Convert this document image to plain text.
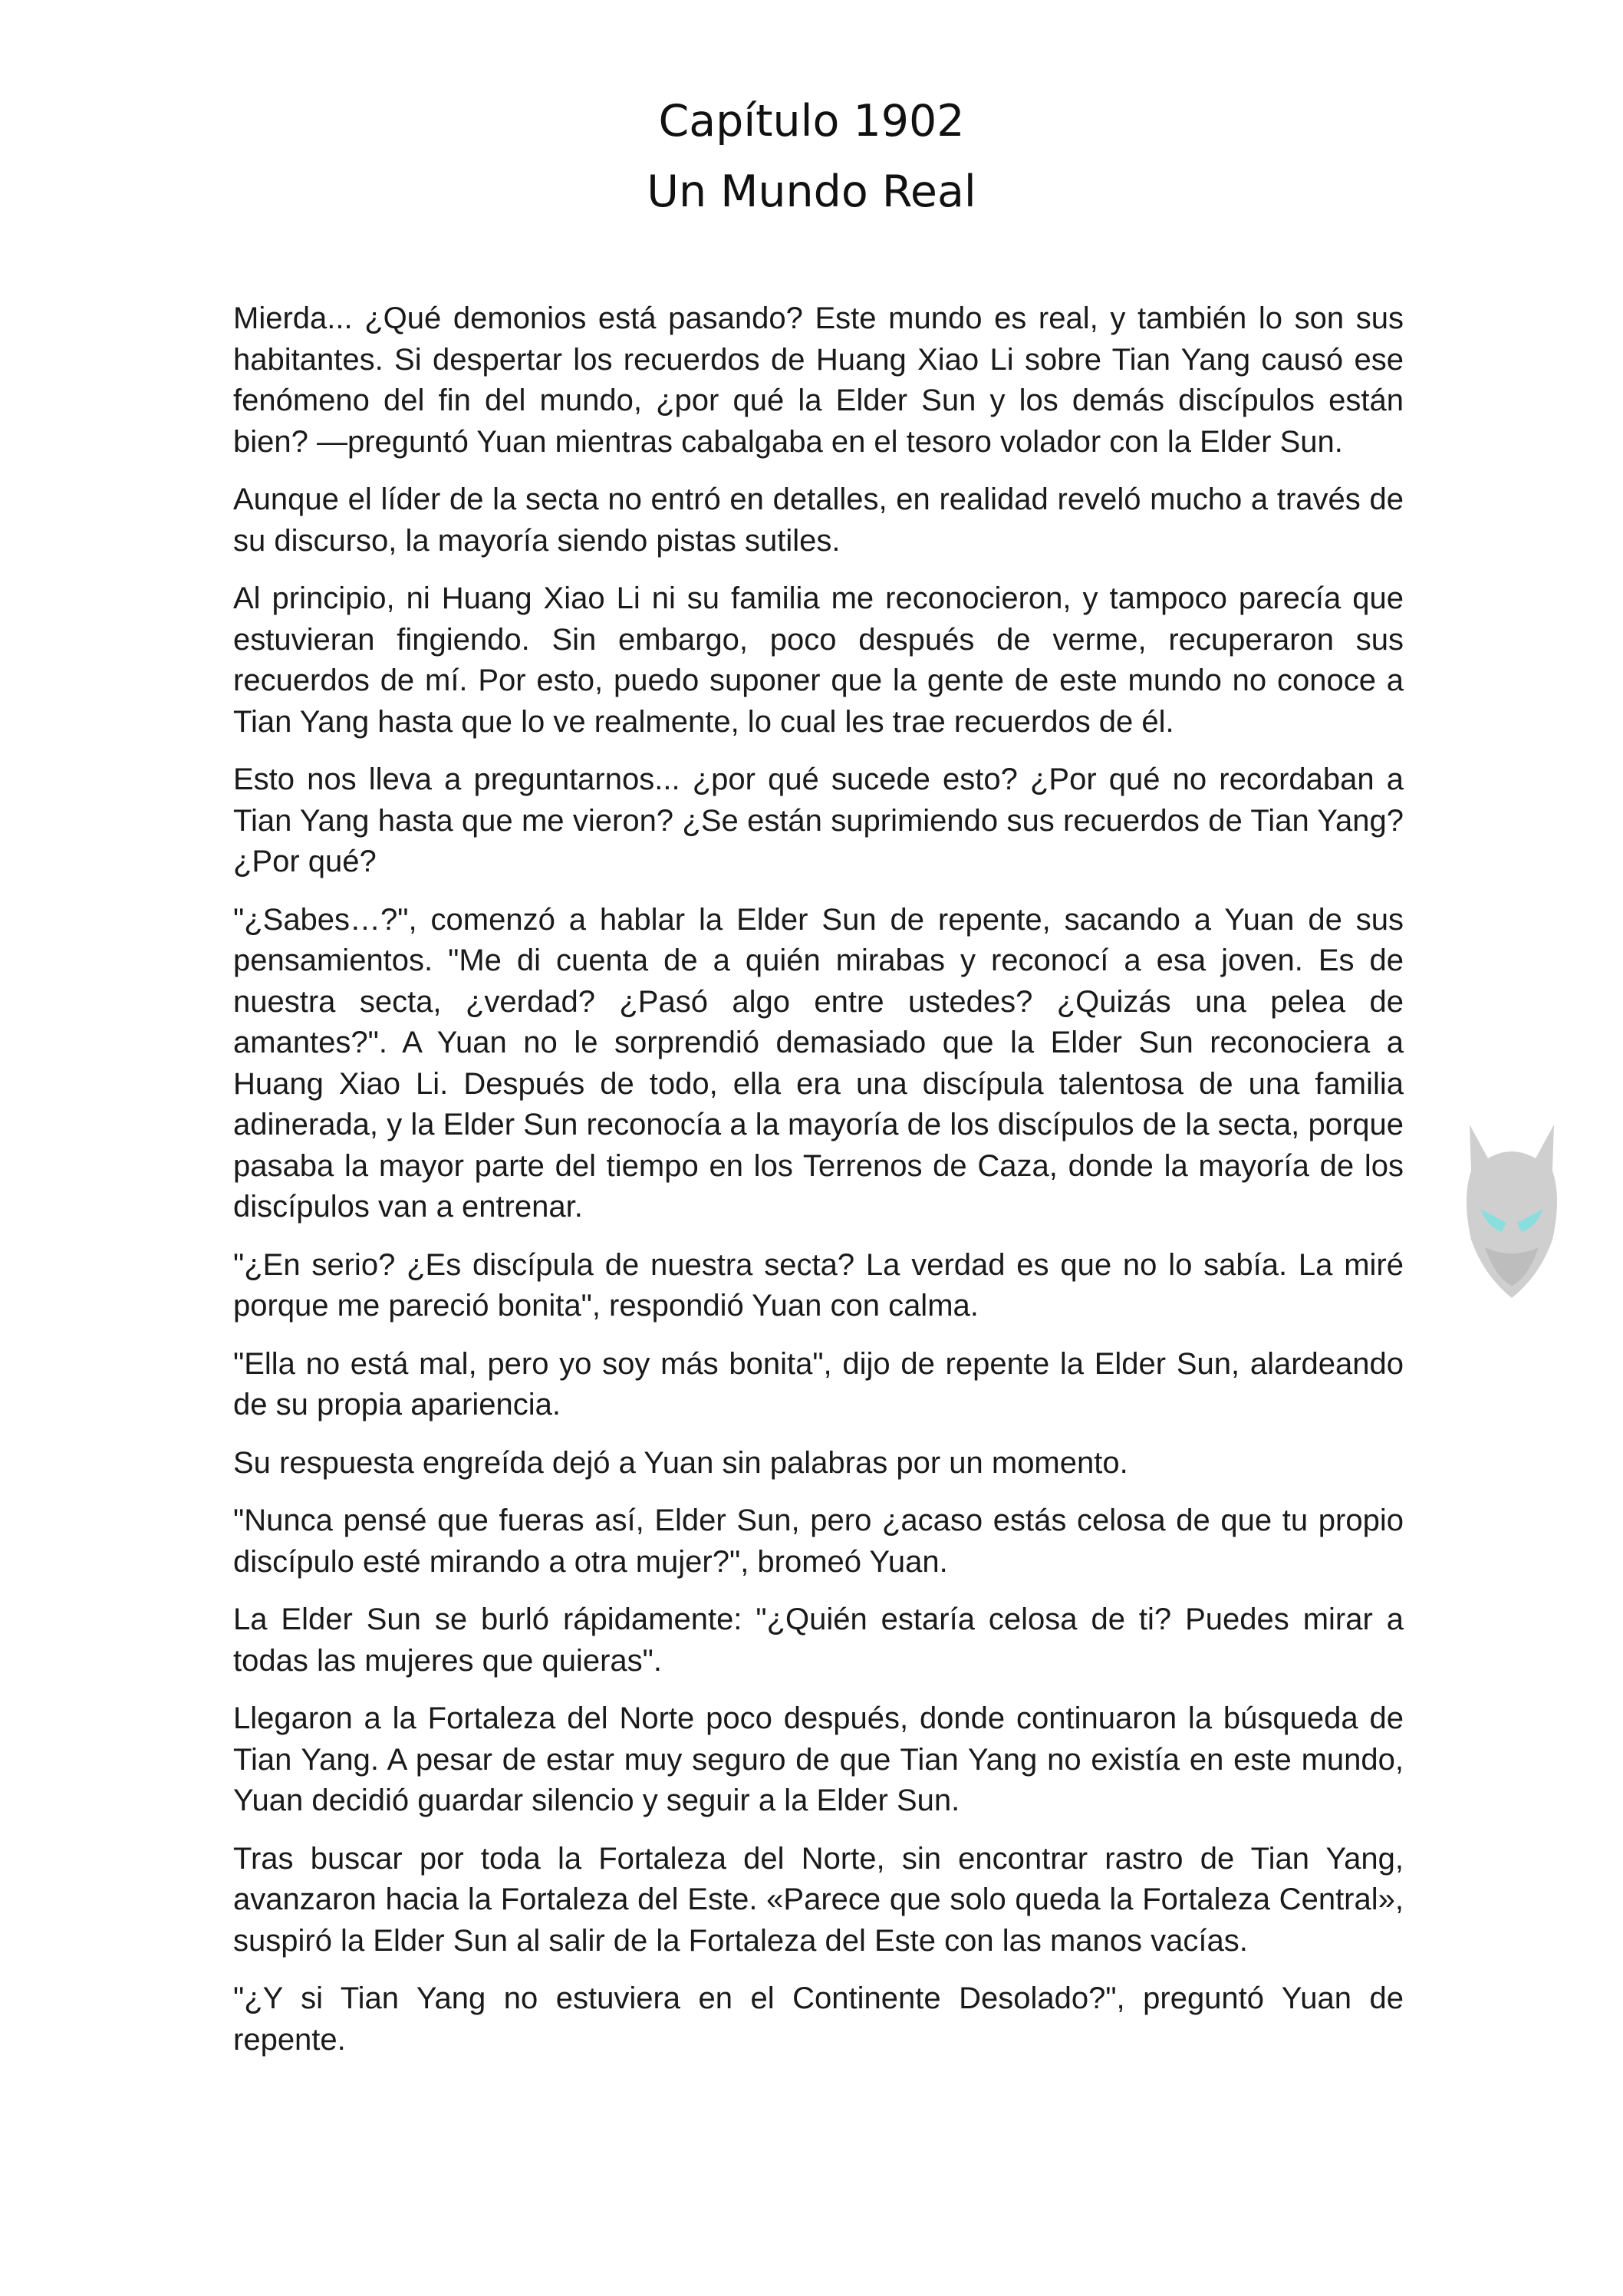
Capítulo 1902
Un Mundo Real

Mierda... ¿Qué demonios está pasando? Este mundo es real, y también lo son sus habitantes. Si despertar los recuerdos de Huang Xiao Li sobre Tian Yang causó ese fenómeno del fin del mundo, ¿por qué la Elder Sun y los demás discípulos están bien? —preguntó Yuan mientras cabalgaba en el tesoro volador con la Elder Sun.

Aunque el líder de la secta no entró en detalles, en realidad reveló mucho a través de su discurso, la mayoría siendo pistas sutiles.

Al principio, ni Huang Xiao Li ni su familia me reconocieron, y tampoco parecía que estuvieran fingiendo. Sin embargo, poco después de verme, recuperaron sus recuerdos de mí. Por esto, puedo suponer que la gente de este mundo no conoce a Tian Yang hasta que lo ve realmente, lo cual les trae recuerdos de él.

Esto nos lleva a preguntarnos... ¿por qué sucede esto? ¿Por qué no recordaban a Tian Yang hasta que me vieron? ¿Se están suprimiendo sus recuerdos de Tian Yang? ¿Por qué?

"¿Sabes…?", comenzó a hablar la Elder Sun de repente, sacando a Yuan de sus pensamientos. "Me di cuenta de a quién mirabas y reconocí a esa joven. Es de nuestra secta, ¿verdad? ¿Pasó algo entre ustedes? ¿Quizás una pelea de amantes?". A Yuan no le sorprendió demasiado que la Elder Sun reconociera a Huang Xiao Li. Después de todo, ella era una discípula talentosa de una familia adinerada, y la Elder Sun reconocía a la mayoría de los discípulos de la secta, porque pasaba la mayor parte del tiempo en los Terrenos de Caza, donde la mayoría de los discípulos van a entrenar.

"¿En serio? ¿Es discípula de nuestra secta? La verdad es que no lo sabía. La miré porque me pareció bonita", respondió Yuan con calma.

"Ella no está mal, pero yo soy más bonita", dijo de repente la Elder Sun, alardeando de su propia apariencia.

Su respuesta engreída dejó a Yuan sin palabras por un momento.

"Nunca pensé que fueras así, Elder Sun, pero ¿acaso estás celosa de que tu propio discípulo esté mirando a otra mujer?", bromeó Yuan.

La Elder Sun se burló rápidamente: "¿Quién estaría celosa de ti? Puedes mirar a todas las mujeres que quieras".

Llegaron a la Fortaleza del Norte poco después, donde continuaron la búsqueda de Tian Yang. A pesar de estar muy seguro de que Tian Yang no existía en este mundo, Yuan decidió guardar silencio y seguir a la Elder Sun.

Tras buscar por toda la Fortaleza del Norte, sin encontrar rastro de Tian Yang, avanzaron hacia la Fortaleza del Este. «Parece que solo queda la Fortaleza Central», suspiró la Elder Sun al salir de la Fortaleza del Este con las manos vacías.

"¿Y si Tian Yang no estuviera en el Continente Desolado?", preguntó Yuan de repente.
